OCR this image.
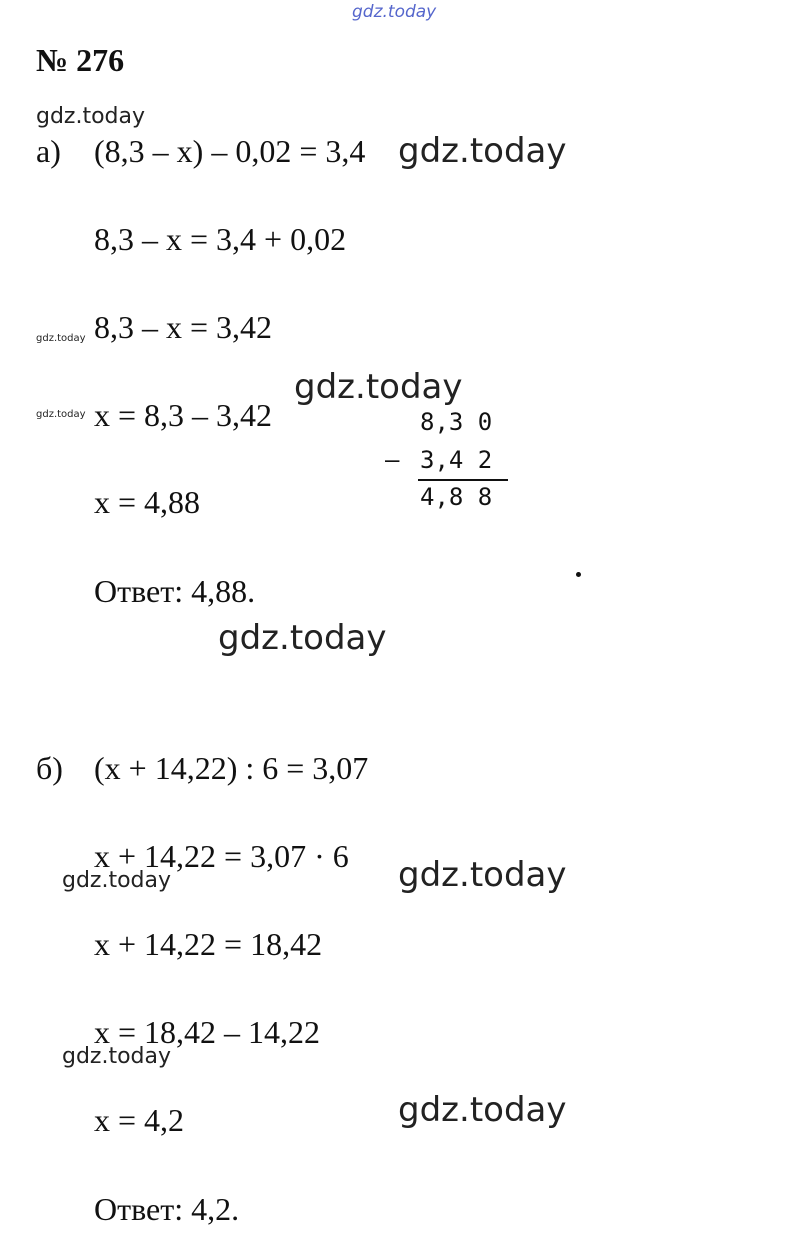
gdz.today
№ 276
gdz.today
а) (8,3 – x) – 0,02 = 3,4 gdz.today
8,3 – x = 3,4 + 0,02
gdz.today 8,3 – x = 3,42
gdz.today
gdz.today x = 8,3 – 3,42	8,3 0
– 3,4 2
4,8 8
x = 4,88
Ответ: 4,88.
gdz.today
б) (x + 14,22) : 6 = 3,07
x + 14,22 = 3,07 · 6
gdz.today	gdz.today
x + 14,22 = 18,42
x = 18,42 – 14,22
gdz.today
x = 4,2	gdz.today
Ответ: 4,2.
